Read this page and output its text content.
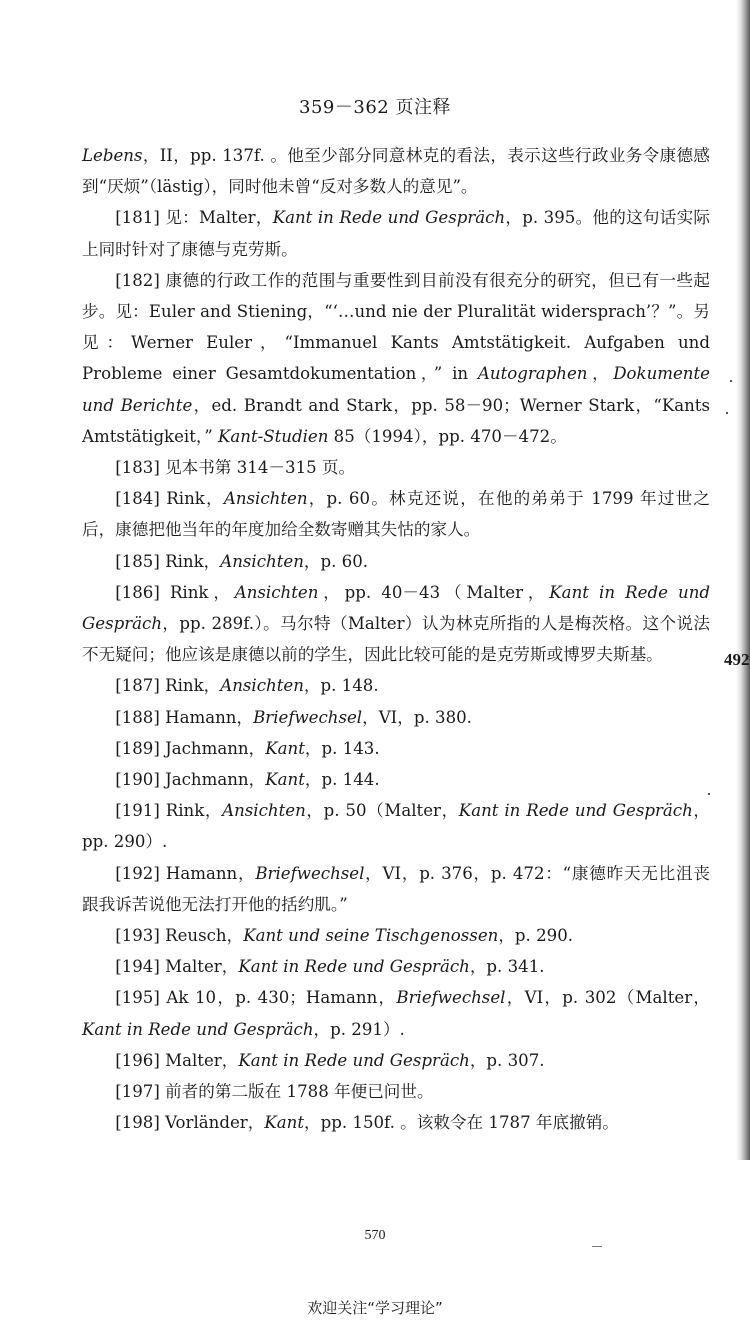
359－362 页注释

Lebens，II，pp. 137f. 。他至少部分同意林克的看法，表示这些行政业务令康德感到“厌烦”（lästig），同时他未曾“反对多数人的意见”。

[181] 见：Malter，Kant in Rede und Gespräch，p. 395。他的这句话实际上同时针对了康德与克劳斯。

[182] 康德的行政工作的范围与重要性到目前没有很充分的研究，但已有一些起步。见：Euler and Stiening，“‘…und nie der Pluralität widersprach’？”。另见：Werner Euler，“Immanuel Kants Amtstätigkeit. Aufgaben und Probleme einer Gesamtdokumentation，” in Autographen，Dokumente und Berichte，ed. Brandt and Stark，pp. 58－90；Werner Stark，“Kants Amtstätigkeit，” Kant-Studien 85（1994），pp. 470－472。

[183] 见本书第 314－315 页。

[184] Rink，Ansichten，p. 60。林克还说，在他的弟弟于 1799 年过世之后，康德把他当年的年度加给全数寄赠其失怙的家人。

[185] Rink，Ansichten，p. 60.

[186] Rink，Ansichten，pp. 40－43（Malter，Kant in Rede und Gespräch，pp. 289f.）。马尔特（Malter）认为林克所指的人是梅茨格。这个说法不无疑问；他应该是康德以前的学生，因此比较可能的是克劳斯或博罗夫斯基。

[187] Rink，Ansichten，p. 148.

[188] Hamann，Briefwechsel，VI，p. 380.

[189] Jachmann，Kant，p. 143.

[190] Jachmann，Kant，p. 144.

[191] Rink，Ansichten，p. 50（Malter，Kant in Rede und Gespräch，pp. 290）.

[192] Hamann，Briefwechsel，VI，p. 376，p. 472：“康德昨天无比沮丧跟我诉苦说他无法打开他的括约肌。”

[193] Reusch，Kant und seine Tischgenossen，p. 290.

[194] Malter，Kant in Rede und Gespräch，p. 341.

[195] Ak 10，p. 430；Hamann，Briefwechsel，VI，p. 302（Malter，Kant in Rede und Gespräch，p. 291）.

[196] Malter，Kant in Rede und Gespräch，p. 307.

[197] 前者的第二版在 1788 年便已问世。

[198] Vorländer，Kant，pp. 150f. 。该敕令在 1787 年底撤销。

492
570
欢迎关注“学习理论”
